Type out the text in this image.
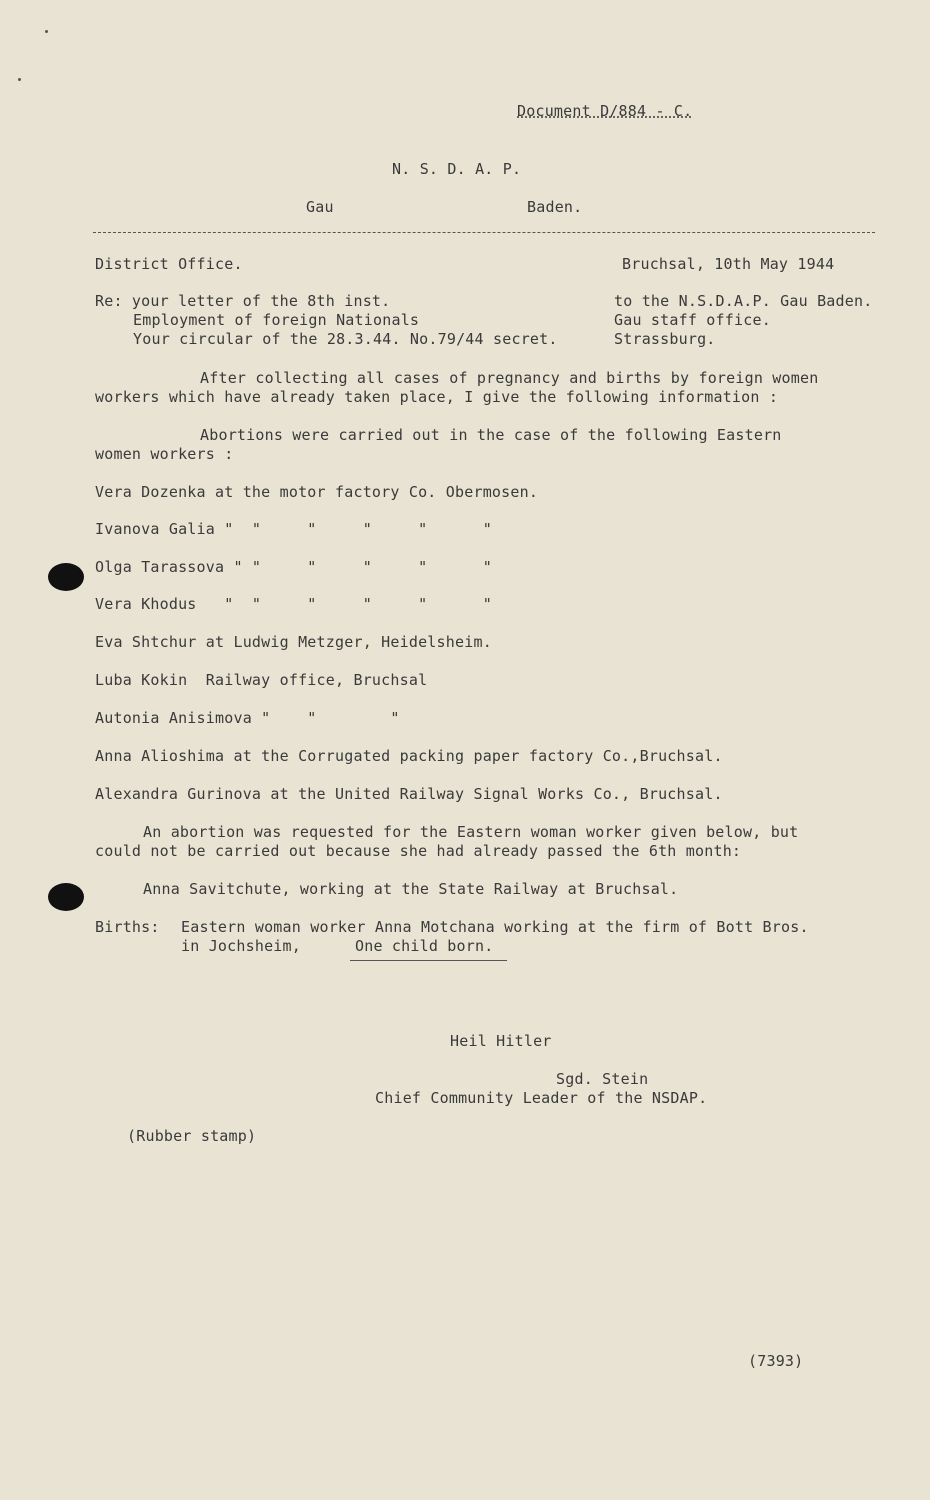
Document D/884 - C.
N. S. D. A. P.
Gau	Baden.
District Office.	Bruchsal, 10th May 1944
Re: your letter of the 8th inst.
Employment of foreign Nationals
Your circular of the 28.3.44. No.79/44 secret.
to the N.S.D.A.P. Gau Baden.
Gau staff office.
Strassburg.
After collecting all cases of pregnancy and births by foreign women
workers which have already taken place, I give the following information :
Abortions were carried out in the case of the following Eastern
women workers :
Vera Dozenka at the motor factory Co. Obermosen.
Ivanova Galia "  "     "     "     "      "
Olga Tarassova " "     "     "     "      "
Vera Khodus   "  "     "     "     "      "
Eva Shtchur at Ludwig Metzger, Heidelsheim.
Luba Kokin  Railway office, Bruchsal
Autonia Anisimova "    "        "
Anna Alioshima at the Corrugated packing paper factory Co.,Bruchsal.
Alexandra Gurinova at the United Railway Signal Works Co., Bruchsal.
An abortion was requested for the Eastern woman worker given below, but
could not be carried out because she had already passed the 6th month:
Anna Savitchute, working at the State Railway at Bruchsal.
Births: Eastern woman worker Anna Motchana working at the firm of Bott Bros.
in Jochsheim,	One child born.
Heil Hitler
Sgd. Stein
Chief Community Leader of the NSDAP.
(Rubber stamp)
(7393)
